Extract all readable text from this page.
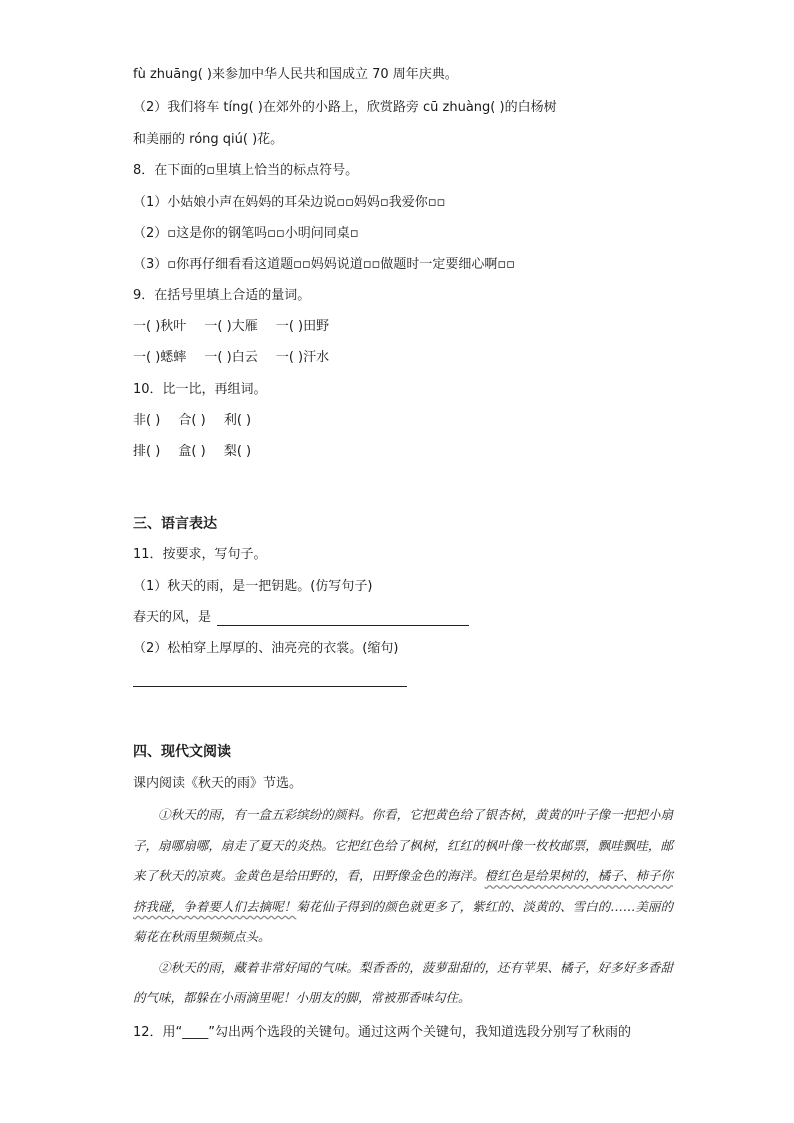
fù zhuāng( )来参加中华人民共和国成立 70 周年庆典。
（2）我们将车 tíng( )在郊外的小路上，欣赏路旁 cū zhuàng( )的白杨树
和美丽的 róng qiú( )花。
8．在下面的▫里填上恰当的标点符号。
（1）小姑娘小声在妈妈的耳朵边说▫▫妈妈▫我爱你▫▫
（2）▫这是你的钢笔吗▫▫小明问同桌▫
（3）▫你再仔细看看这道题▫▫妈妈说道▫▫做题时一定要细心啊▫▫
9．在括号里填上合适的量词。
一( )秋叶 一( )大雁 一( )田野
一( )蟋蟀 一( )白云 一( )汗水
10．比一比，再组词。
非( ) 合( ) 利( )
排( ) 盒( ) 梨( )
三、语言表达
11．按要求，写句子。
（1）秋天的雨，是一把钥匙。(仿写句子)
春天的风，是
（2）松柏穿上厚厚的、油亮亮的衣裳。(缩句)
四、现代文阅读
课内阅读《秋天的雨》节选。

①秋天的雨，有一盒五彩缤纷的颜料。你看，它把黄色给了银杏树，黄黄的叶子像一把把小扇子，扇哪扇哪，扇走了夏天的炎热。它把红色给了枫树，红红的枫叶像一枚枚邮票，飘哇飘哇，邮来了秋天的凉爽。金黄色是给田野的，看，田野像金色的海洋。橙红色是给果树的，橘子、柿子你挤我碰，争着要人们去摘呢！菊花仙子得到的颜色就更多了，紫红的、淡黄的、雪白的……美丽的菊花在秋雨里频频点头。

②秋天的雨，藏着非常好闻的气味。梨香香的，菠萝甜甜的，还有苹果、橘子，好多好多香甜的气味，都躲在小雨滴里呢！小朋友的脚，常被那香味勾住。

12．用“____”勾出两个选段的关键句。通过这两个关键句，我知道选段分别写了秋雨的
